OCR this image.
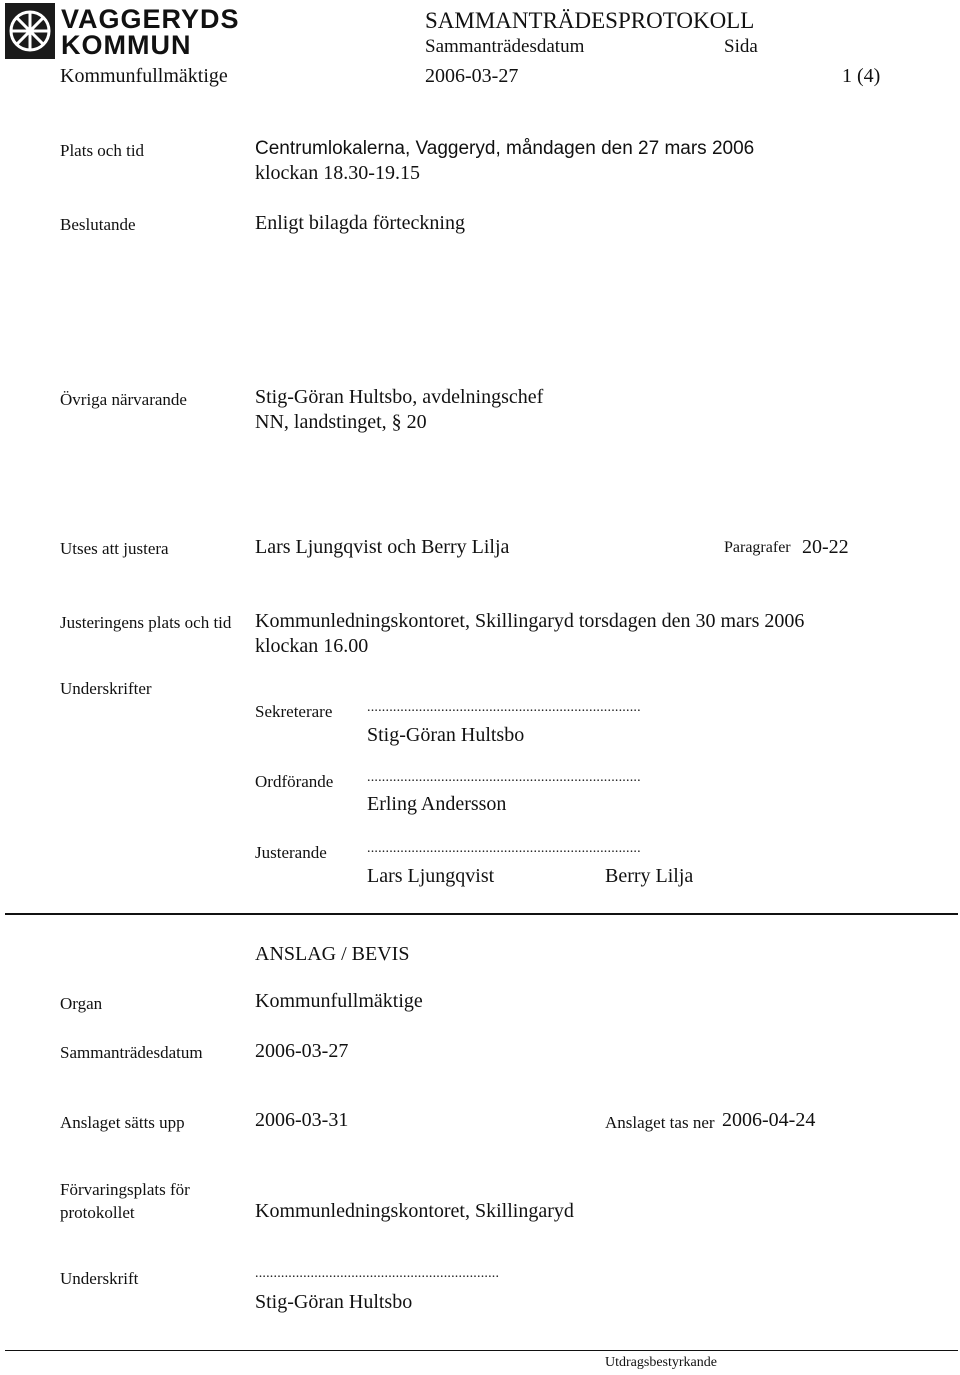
VAGGERYDS
KOMMUN
SAMMANTRÄDESPROTOKOLL
Sammanträdesdatum	Sida
Kommunfullmäktige	2006-03-27	1 (4)
Plats och tid	Centrumlokalerna, Vaggeryd, måndagen den 27 mars 2006
klockan 18.30-19.15
Beslutande	Enligt bilagda förteckning
Övriga närvarande	Stig-Göran Hultsbo, avdelningschef
NN, landstinget, § 20
Utses att justera	Lars Ljungqvist och Berry Lilja	Paragrafer 20-22
Justeringens plats och tid Kommunledningskontoret, Skillingaryd torsdagen den 30 mars 2006
klockan 16.00
Underskrifter
Sekreterare ..........................................................................
Stig-Göran Hultsbo
Ordförande ..........................................................................
Erling Andersson
Justerande	..........................................................................
Lars Ljungqvist	Berry Lilja
ANSLAG / BEVIS
Organ	Kommunfullmäktige
Sammanträdesdatum	2006-03-27
Anslaget sätts upp	2006-03-31	Anslaget tas ner 2006-04-24
Förvaringsplats för
protokollet	Kommunledningskontoret, Skillingaryd
Underskrift	..................................................................
Stig-Göran Hultsbo
Utdragsbestyrkande
